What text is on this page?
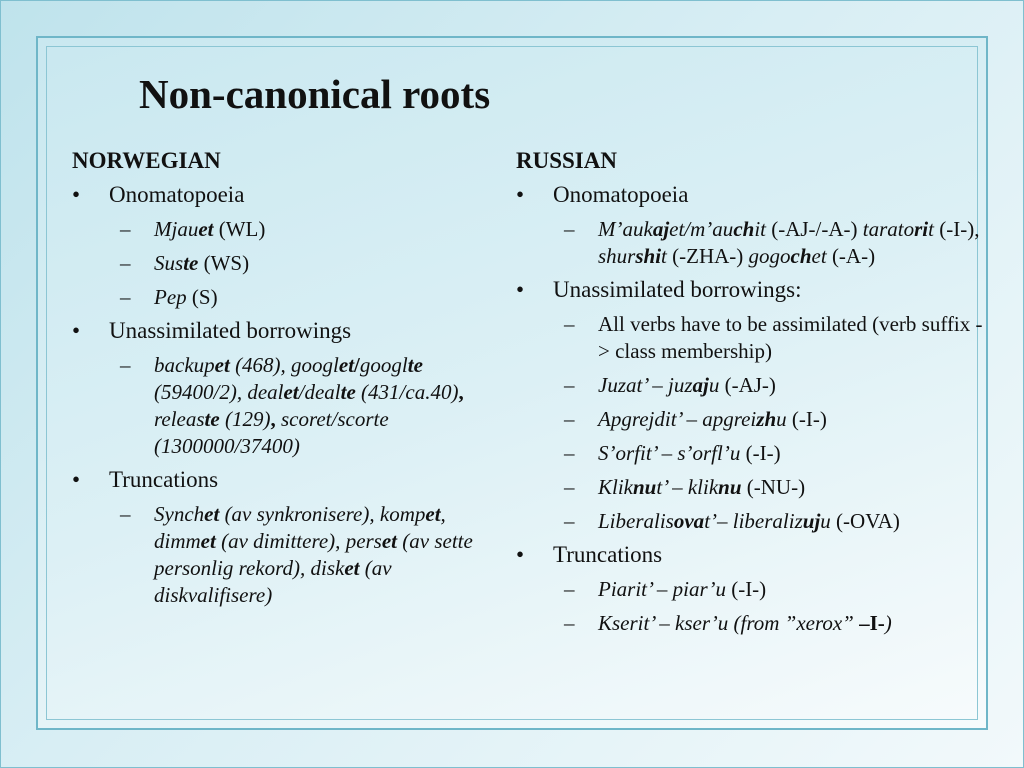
Non-canonical roots
NORWEGIAN
• Onomatopoeia
– Mjauet (WL)
– Suste (WS)
– Pep (S)
• Unassimilated borrowings
– backupet (468), googlet/googlte (59400/2), dealet/dealte (431/ca.40), releaste (129), scoret/scorte (1300000/37400)
• Truncations
– Synchet (av synkronisere), kompet, dimmet (av dimittere), perset (av sette personlig rekord), disket (av diskvalifisere)
RUSSIAN
• Onomatopoeia
– M’aukajet/m’auchit (-AJ-/-A-) taratorit (-I-), shurshit (-ZHA-) gogochet (-A-)
• Unassimilated borrowings:
– All verbs have to be assimilated (verb suffix -> class membership)
– Juzat’ – juzaju (-AJ-)
– Apgrejdit’ – apgreizhu (-I-)
– S’orfit’ – s’orfl’u (-I-)
– Kliknut’ – kliknu (-NU-)
– Liberalisovat’– liberalizuju (-OVA)
• Truncations
– Piarit’ – piar’u (-I-)
– Kserit’ – kser’u (from ”xerox” –I-)
